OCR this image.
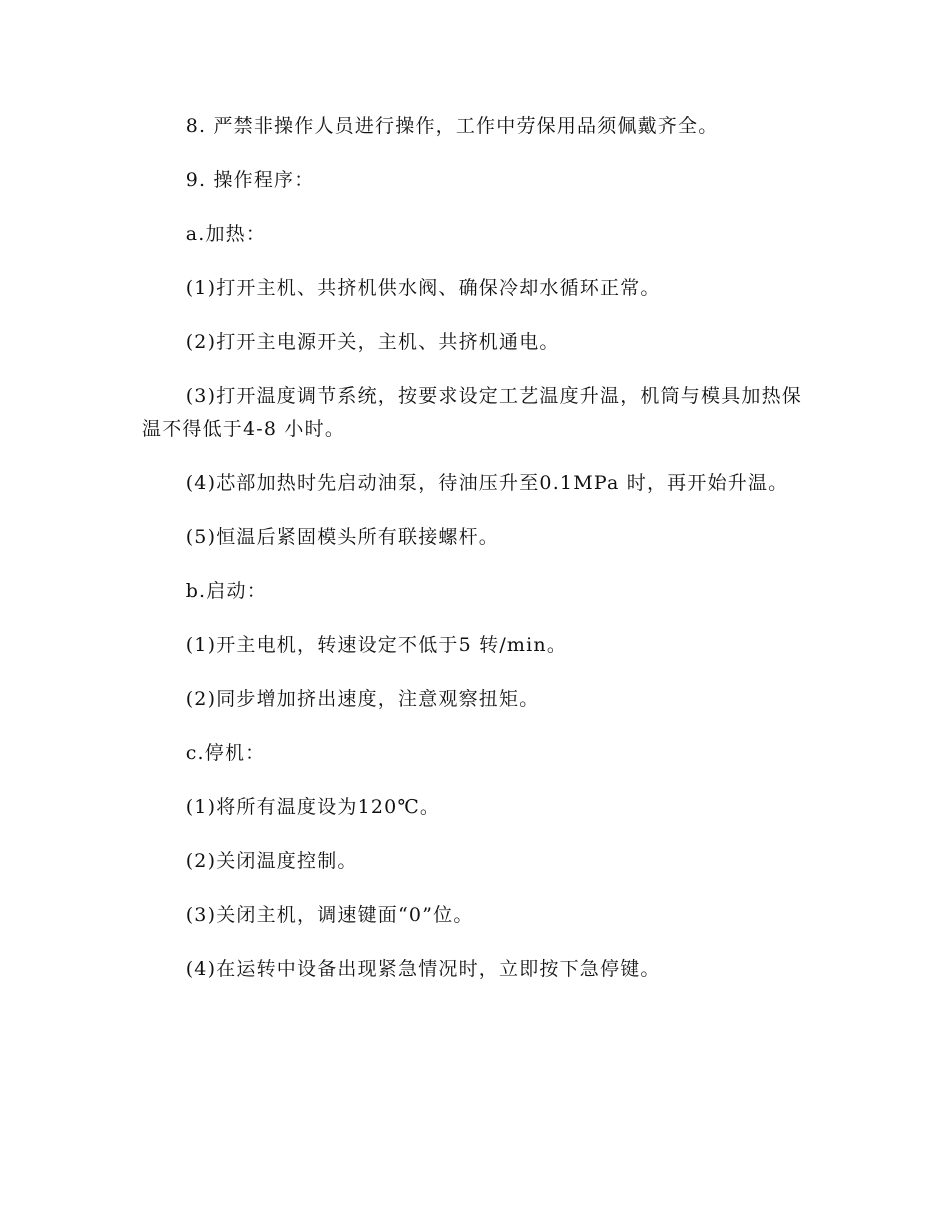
8. 严禁非操作人员进行操作，工作中劳保用品须佩戴齐全。

9. 操作程序：

a.加热：

(1)打开主机、共挤机供水阀、确保冷却水循环正常。

(2)打开主电源开关，主机、共挤机通电。

(3)打开温度调节系统，按要求设定工艺温度升温，机筒与模具加热保温不得低于4-8 小时。

(4)芯部加热时先启动油泵，待油压升至0.1MPa 时，再开始升温。

(5)恒温后紧固模头所有联接螺杆。

b.启动：

(1)开主电机，转速设定不低于5 转/min。

(2)同步增加挤出速度，注意观察扭矩。

c.停机：

(1)将所有温度设为120℃。

(2)关闭温度控制。

(3)关闭主机，调速键面“0”位。

(4)在运转中设备出现紧急情况时，立即按下急停键。
